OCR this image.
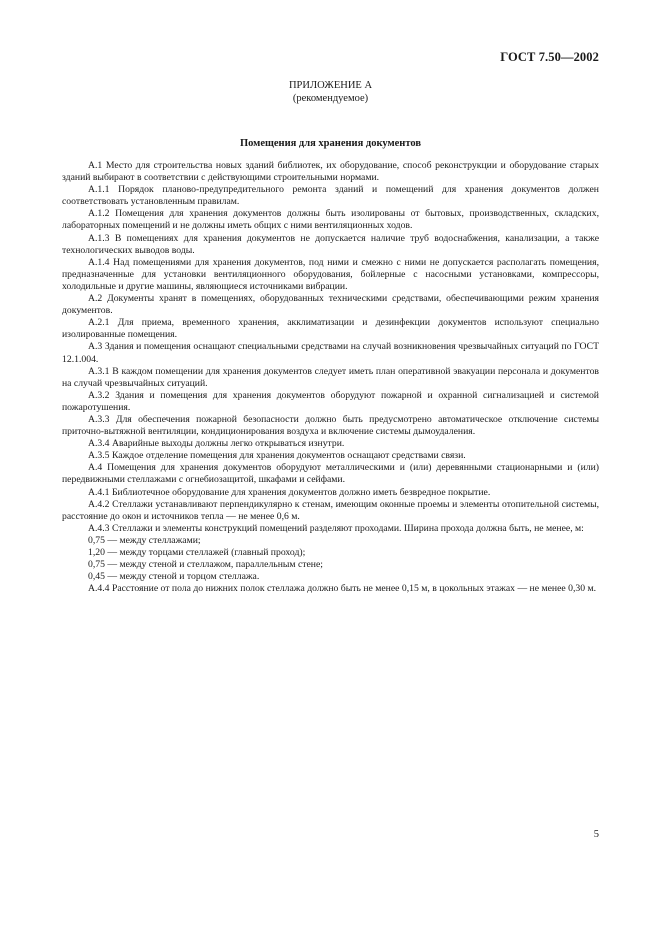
ГОСТ 7.50—2002
ПРИЛОЖЕНИЕ А
(рекомендуемое)
Помещения для хранения документов

А.1 Место для строительства новых зданий библиотек, их оборудование, способ реконструкции и оборудование старых зданий выбирают в соответствии с действующими строительными нормами.

А.1.1 Порядок планово-предупредительного ремонта зданий и помещений для хранения документов должен соответствовать установленным правилам.

А.1.2 Помещения для хранения документов должны быть изолированы от бытовых, производственных, складских, лабораторных помещений и не должны иметь общих с ними вентиляционных ходов.

А.1.3 В помещениях для хранения документов не допускается наличие труб водоснабжения, канализации, а также технологических выводов воды.

А.1.4 Над помещениями для хранения документов, под ними и смежно с ними не допускается располагать помещения, предназначенные для установки вентиляционного оборудования, бойлерные с насосными установками, компрессоры, холодильные и другие машины, являющиеся источниками вибрации.

А.2 Документы хранят в помещениях, оборудованных техническими средствами, обеспечивающими режим хранения документов.

А.2.1 Для приема, временного хранения, акклиматизации и дезинфекции документов используют специально изолированные помещения.

А.3 Здания и помещения оснащают специальными средствами на случай возникновения чрезвычайных ситуаций по ГОСТ 12.1.004.

А.3.1 В каждом помещении для хранения документов следует иметь план оперативной эвакуации персонала и документов на случай чрезвычайных ситуаций.

А.3.2 Здания и помещения для хранения документов оборудуют пожарной и охранной сигнализацией и системой пожаротушения.

А.3.3 Для обеспечения пожарной безопасности должно быть предусмотрено автоматическое отключение системы приточно-вытяжной вентиляции, кондиционирования воздуха и включение системы дымоудаления.

А.3.4 Аварийные выходы должны легко открываться изнутри.

А.3.5 Каждое отделение помещения для хранения документов оснащают средствами связи.

А.4 Помещения для хранения документов оборудуют металлическими и (или) деревянными стационарными и (или) передвижными стеллажами с огнебиозащитой, шкафами и сейфами.

А.4.1 Библиотечное оборудование для хранения документов должно иметь безвредное покрытие.

А.4.2 Стеллажи устанавливают перпендикулярно к стенам, имеющим оконные проемы и элементы отопительной системы, расстояние до окон и источников тепла — не менее 0,6 м.

А.4.3 Стеллажи и элементы конструкций помещений разделяют проходами. Ширина прохода должна быть, не менее, м:

0,75 — между стеллажами;

1,20 — между торцами стеллажей (главный проход);

0,75 — между стеной и стеллажом, параллельным стене;

0,45 — между стеной и торцом стеллажа.

А.4.4 Расстояние от пола до нижних полок стеллажа должно быть не менее 0,15 м, в цокольных этажах — не менее 0,30 м.

5
